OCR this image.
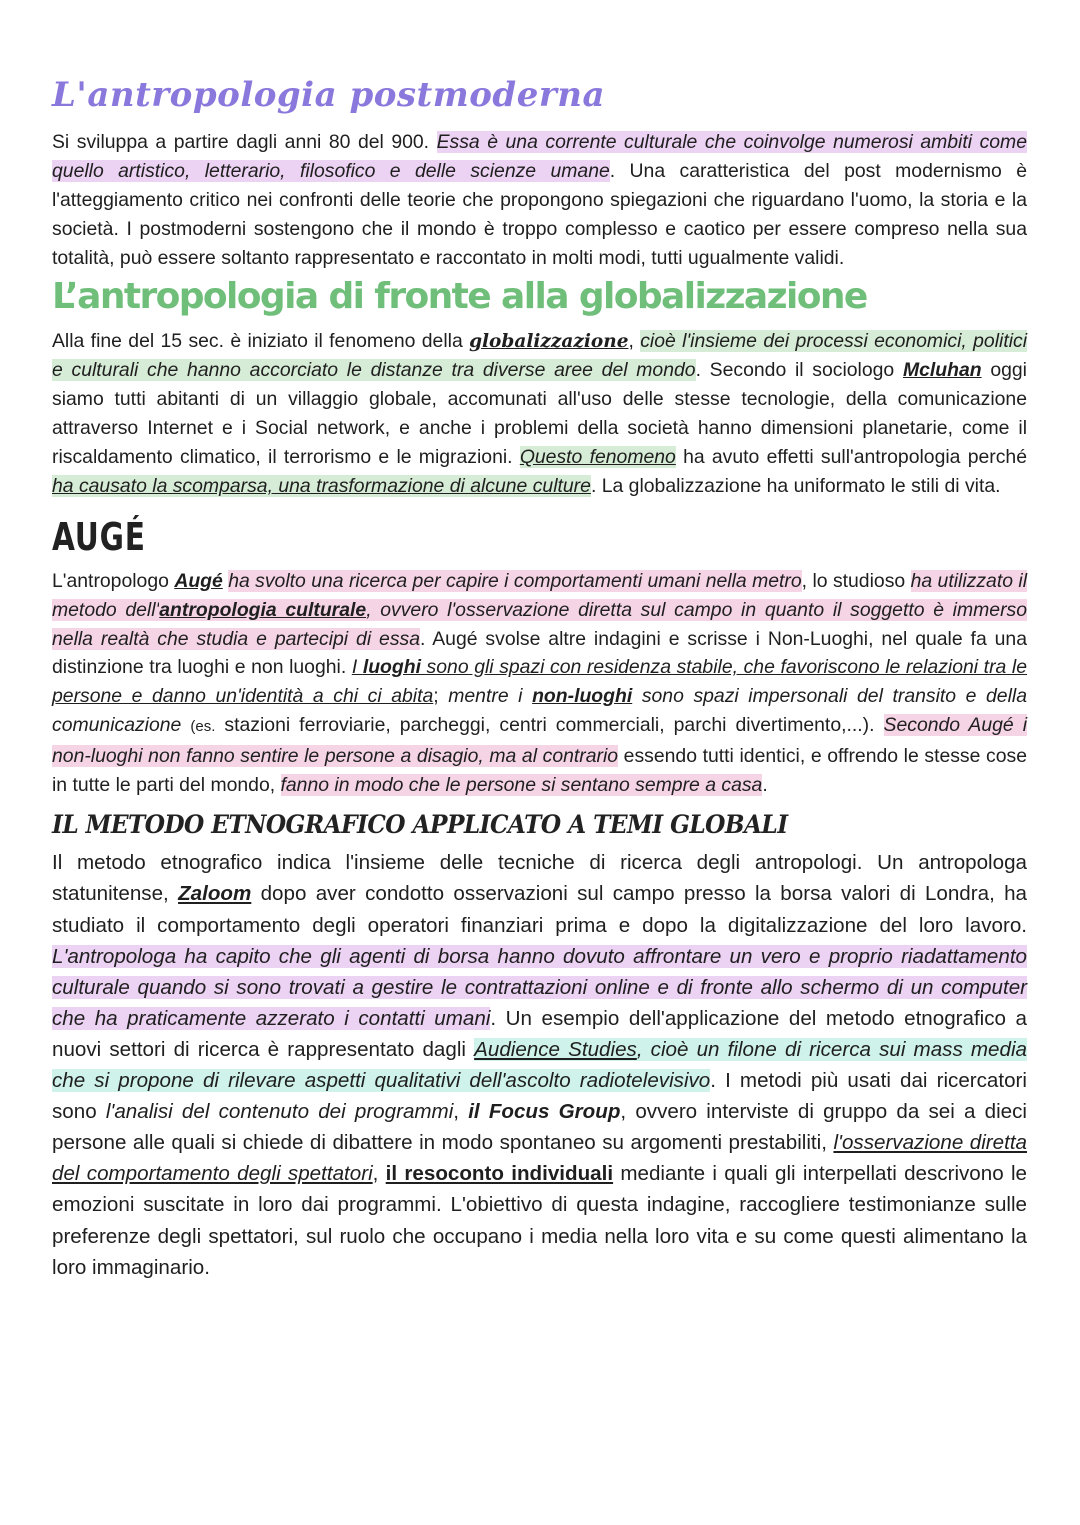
L'antropologia postmoderna

Si sviluppa a partire dagli anni 80 del 900. Essa è una corrente culturale che coinvolge numerosi ambiti come quello artistico, letterario, filosofico e delle scienze umane. Una caratteristica del post modernismo è l'atteggiamento critico nei confronti delle teorie che propongono spiegazioni che riguardano l'uomo, la storia e la società. I postmoderni sostengono che il mondo è troppo complesso e caotico per essere compreso nella sua totalità, può essere soltanto rappresentato e raccontato in molti modi, tutti ugualmente validi.

L’antropologia di fronte alla globalizzazione

Alla fine del 15 sec. è iniziato il fenomeno della globalizzazione, cioè l'insieme dei processi economici, politici e culturali che hanno accorciato le distanze tra diverse aree del mondo. Secondo il sociologo Mcluhan oggi siamo tutti abitanti di un villaggio globale, accomunati all'uso delle stesse tecnologie, della comunicazione attraverso Internet e i Social network, e anche i problemi della società hanno dimensioni planetarie, come il riscaldamento climatico, il terrorismo e le migrazioni. Questo fenomeno ha avuto effetti sull'antropologia perché ha causato la scomparsa, una trasformazione di alcune culture. La globalizzazione ha uniformato le stili di vita.

AUGÉ

L'antropologo Augé ha svolto una ricerca per capire i comportamenti umani nella metro, lo studioso ha utilizzato il metodo dell'antropologia culturale, ovvero l'osservazione diretta sul campo in quanto il soggetto è immerso nella realtà che studia e partecipi di essa. Augé svolse altre indagini e scrisse i Non-Luoghi, nel quale fa una distinzione tra luoghi e non luoghi. I luoghi sono gli spazi con residenza stabile, che favoriscono le relazioni tra le persone e danno un'identità a chi ci abita; mentre i non-luoghi sono spazi impersonali del transito e della comunicazione (es. stazioni ferroviarie, parcheggi, centri commerciali, parchi divertimento,...). Secondo Augé i non-luoghi non fanno sentire le persone a disagio, ma al contrario essendo tutti identici, e offrendo le stesse cose in tutte le parti del mondo, fanno in modo che le persone si sentano sempre a casa.

IL METODO ETNOGRAFICO APPLICATO A TEMI GLOBALI

Il metodo etnografico indica l'insieme delle tecniche di ricerca degli antropologi. Un antropologa statunitense, Zaloom dopo aver condotto osservazioni sul campo presso la borsa valori di Londra, ha studiato il comportamento degli operatori finanziari prima e dopo la digitalizzazione del loro lavoro. L'antropologa ha capito che gli agenti di borsa hanno dovuto affrontare un vero e proprio riadattamento culturale quando si sono trovati a gestire le contrattazioni online e di fronte allo schermo di un computer che ha praticamente azzerato i contatti umani. Un esempio dell'applicazione del metodo etnografico a nuovi settori di ricerca è rappresentato dagli Audience Studies, cioè un filone di ricerca sui mass media che si propone di rilevare aspetti qualitativi dell'ascolto radiotelevisivo. I metodi più usati dai ricercatori sono l'analisi del contenuto dei programmi, il Focus Group, ovvero interviste di gruppo da sei a dieci persone alle quali si chiede di dibattere in modo spontaneo su argomenti prestabiliti, l'osservazione diretta del comportamento degli spettatori, il resoconto individuali mediante i quali gli interpellati descrivono le emozioni suscitate in loro dai programmi. L'obiettivo di questa indagine, raccogliere testimonianze sulle preferenze degli spettatori, sul ruolo che occupano i media nella loro vita e su come questi alimentano la loro immaginario.
